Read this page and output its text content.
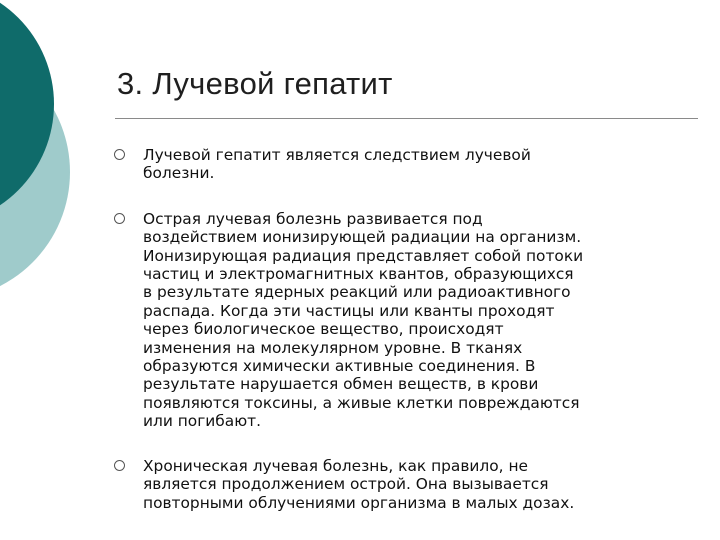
3. Лучевой гепатит
Лучевой гепатит является следствием лучевой
болезни.
Острая лучевая болезнь развивается под
воздействием ионизирующей радиации на организм.
Ионизирующая радиация представляет собой потоки
частиц и электромагнитных квантов, образующихся
в результате ядерных реакций или радиоактивного
распада. Когда эти частицы или кванты проходят
через биологическое вещество, происходят
изменения на молекулярном уровне. В тканях
образуются химически активные соединения. В
результате нарушается обмен веществ, в крови
появляются токсины, а живые клетки повреждаются
или погибают.
Хроническая лучевая болезнь, как правило, не
является продолжением острой. Она вызывается
повторными облучениями организма в малых дозах.
